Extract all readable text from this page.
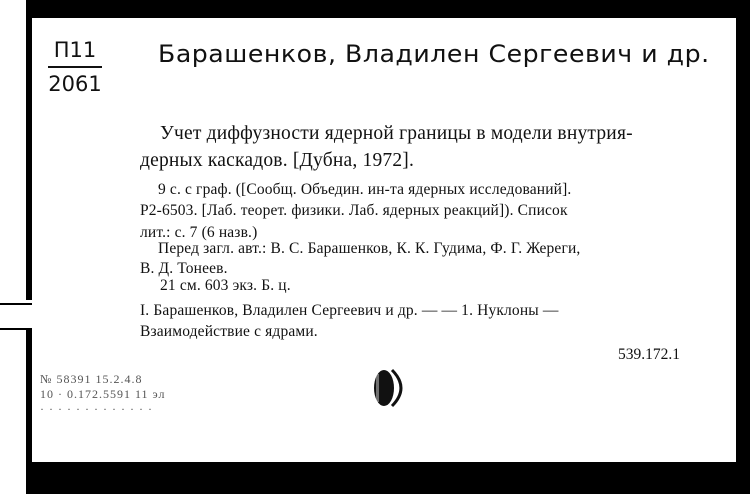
П11
2061
Барашенков, Владилен Сергеевич и др.
Учет диффузности ядерной границы в модели внутрия-
дерных каскадов. [Дубна, 1972].
9 с. с граф. ([Сообщ. Объедин. ин-та ядерных исследований].
Р2-6503. [Лаб. теорет. физики. Лаб. ядерных реакций]). Список
лит.: с. 7 (6 назв.)
Перед загл. авт.: В. С. Барашенков, К. К. Гудима, Ф. Г. Жереги,
В. Д. Тонеев.
21 см. 603 экз. Б. ц.
I. Барашенков, Владилен Сергеевич и др. — — 1. Нуклоны —
Взаимодействие с ядрами.
539.172.1
№ 58391 15.2.4.8
10 · 0.172.5591 11 эл
· · · · · · · · · · · · ·
